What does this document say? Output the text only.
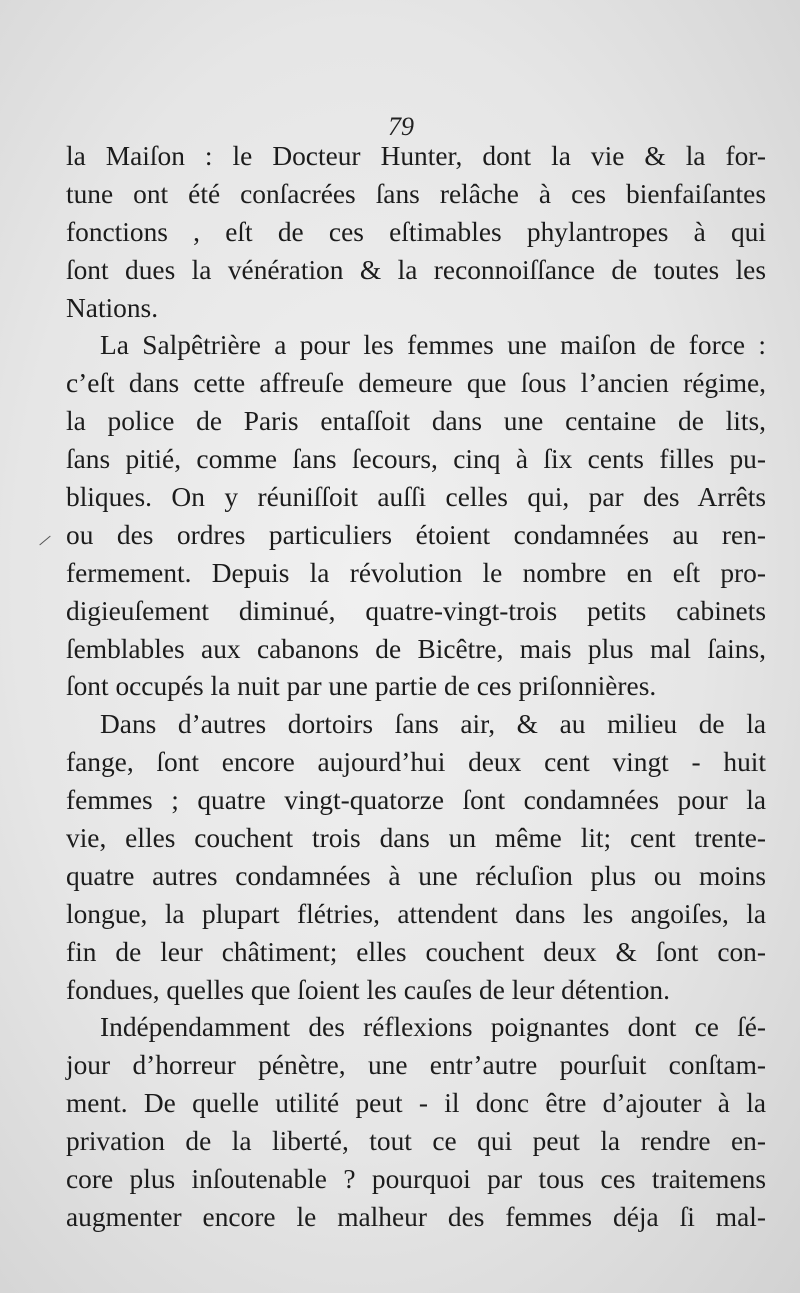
79

la Maiſon : le Docteur Hunter, dont la vie & la for-
tune ont été conſacrées ſans relâche à ces bienfaiſantes
fonctions , eſt de ces eſtimables phylantropes à qui
ſont dues la vénération & la reconnoiſſance de toutes les
Nations.
La Salpêtrière a pour les femmes une maiſon de force :
c’eſt dans cette affreuſe demeure que ſous l’ancien régime,
la police de Paris entaſſoit dans une centaine de lits,
ſans pitié, comme ſans ſecours, cinq à ſix cents filles pu-
bliques. On y réuniſſoit auſſi celles qui, par des Arrêts
ou des ordres particuliers étoient condamnées au ren-
fermement. Depuis la révolution le nombre en eſt pro-
digieuſement diminué, quatre-vingt-trois petits cabinets
ſemblables aux cabanons de Bicêtre, mais plus mal ſains,
ſont occupés la nuit par une partie de ces priſonnières.
Dans d’autres dortoirs ſans air, & au milieu de la
fange, ſont encore aujourd’hui deux cent vingt - huit
femmes ; quatre vingt-quatorze ſont condamnées pour la
vie, elles couchent trois dans un même lit; cent trente-
quatre autres condamnées à une récluſion plus ou moins
longue, la plupart flétries, attendent dans les angoiſes, la
fin de leur châtiment; elles couchent deux & ſont con-
fondues, quelles que ſoient les cauſes de leur détention.
Indépendamment des réflexions poignantes dont ce ſé-
jour d’horreur pénètre, une entr’autre pourſuit conſtam-
ment. De quelle utilité peut - il donc être d’ajouter à la
privation de la liberté, tout ce qui peut la rendre en-
core plus inſoutenable ? pourquoi par tous ces traitemens
augmenter encore le malheur des femmes déja ſi mal-
